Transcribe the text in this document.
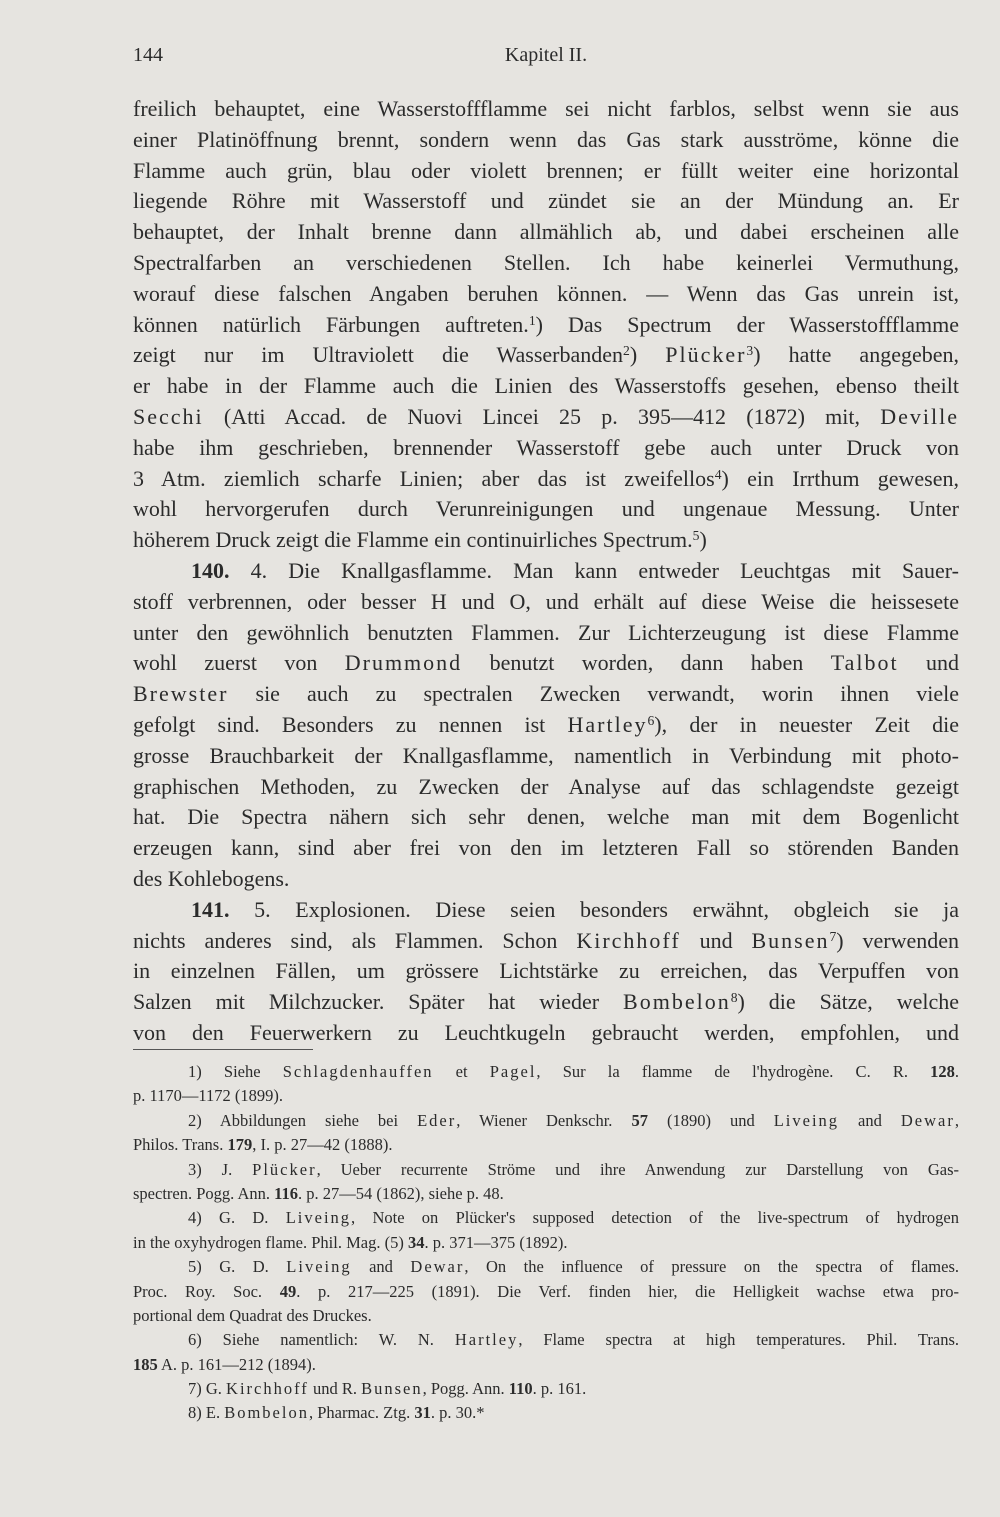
144	Kapitel II.
freilich behauptet, eine Wasserstoffflamme sei nicht farblos, selbst wenn sie aus
einer Platinöffnung brennt, sondern wenn das Gas stark ausströme, könne die
Flamme auch grün, blau oder violett brennen; er füllt weiter eine horizontal
liegende Röhre mit Wasserstoff und zündet sie an der Mündung an. Er
behauptet, der Inhalt brenne dann allmählich ab, und dabei erscheinen alle
Spectralfarben an verschiedenen Stellen. Ich habe keinerlei Vermuthung,
worauf diese falschen Angaben beruhen können. — Wenn das Gas unrein ist,
können natürlich Färbungen auftreten.$^1$) Das Spectrum der Wasserstoffflamme
zeigt nur im Ultraviolett die Wasserbanden$^2$) Plücker$^3$) hatte angegeben,
er habe in der Flamme auch die Linien des Wasserstoffs gesehen, ebenso theilt
Secchi (Atti Accad. de Nuovi Lincei 25 p. 395—412 (1872) mit, Deville
habe ihm geschrieben, brennender Wasserstoff gebe auch unter Druck von
3 Atm. ziemlich scharfe Linien; aber das ist zweifellos$^4$) ein Irrthum gewesen,
wohl hervorgerufen durch Verunreinigungen und ungenaue Messung. Unter
höherem Druck zeigt die Flamme ein continuirliches Spectrum.$^5$)
140. 4. Die Knallgasflamme. Man kann entweder Leuchtgas mit Sauer-
stoff verbrennen, oder besser H und O, und erhält auf diese Weise die heissesete
unter den gewöhnlich benutzten Flammen. Zur Lichterzeugung ist diese Flamme
wohl zuerst von Drummond benutzt worden, dann haben Talbot und
Brewster sie auch zu spectralen Zwecken verwandt, worin ihnen viele
gefolgt sind. Besonders zu nennen ist Hartley$^6$), der in neuester Zeit die
grosse Brauchbarkeit der Knallgasflamme, namentlich in Verbindung mit photo-
graphischen Methoden, zu Zwecken der Analyse auf das schlagendste gezeigt
hat. Die Spectra nähern sich sehr denen, welche man mit dem Bogenlicht
erzeugen kann, sind aber frei von den im letzteren Fall so störenden Banden
des Kohlebogens.
141. 5. Explosionen. Diese seien besonders erwähnt, obgleich sie ja
nichts anderes sind, als Flammen. Schon Kirchhoff und Bunsen$^7$) verwenden
in einzelnen Fällen, um grössere Lichtstärke zu erreichen, das Verpuffen von
Salzen mit Milchzucker. Später hat wieder Bombelon$^8$) die Sätze, welche
von den Feuerwerkern zu Leuchtkugeln gebraucht werden, empfohlen, und
1) Siehe Schlagdenhauffen et Pagel, Sur la flamme de l'hydrogène. C. R. 128.
p. 1170—1172 (1899).
2) Abbildungen siehe bei Eder, Wiener Denkschr. 57 (1890) und Liveing and Dewar,
Philos. Trans. 179, I. p. 27—42 (1888).
3) J. Plücker, Ueber recurrente Ströme und ihre Anwendung zur Darstellung von Gas-
spectren. Pogg. Ann. 116. p. 27—54 (1862), siehe p. 48.
4) G. D. Liveing, Note on Plücker's supposed detection of the live-spectrum of hydrogen
in the oxyhydrogen flame. Phil. Mag. (5) 34. p. 371—375 (1892).
5) G. D. Liveing and Dewar, On the influence of pressure on the spectra of flames.
Proc. Roy. Soc. 49. p. 217—225 (1891). Die Verf. finden hier, die Helligkeit wachse etwa pro-
portional dem Quadrat des Druckes.
6) Siehe namentlich: W. N. Hartley, Flame spectra at high temperatures. Phil. Trans.
185 A. p. 161—212 (1894).
7) G. Kirchhoff und R. Bunsen, Pogg. Ann. 110. p. 161.
8) E. Bombelon, Pharmac. Ztg. 31. p. 30.*
